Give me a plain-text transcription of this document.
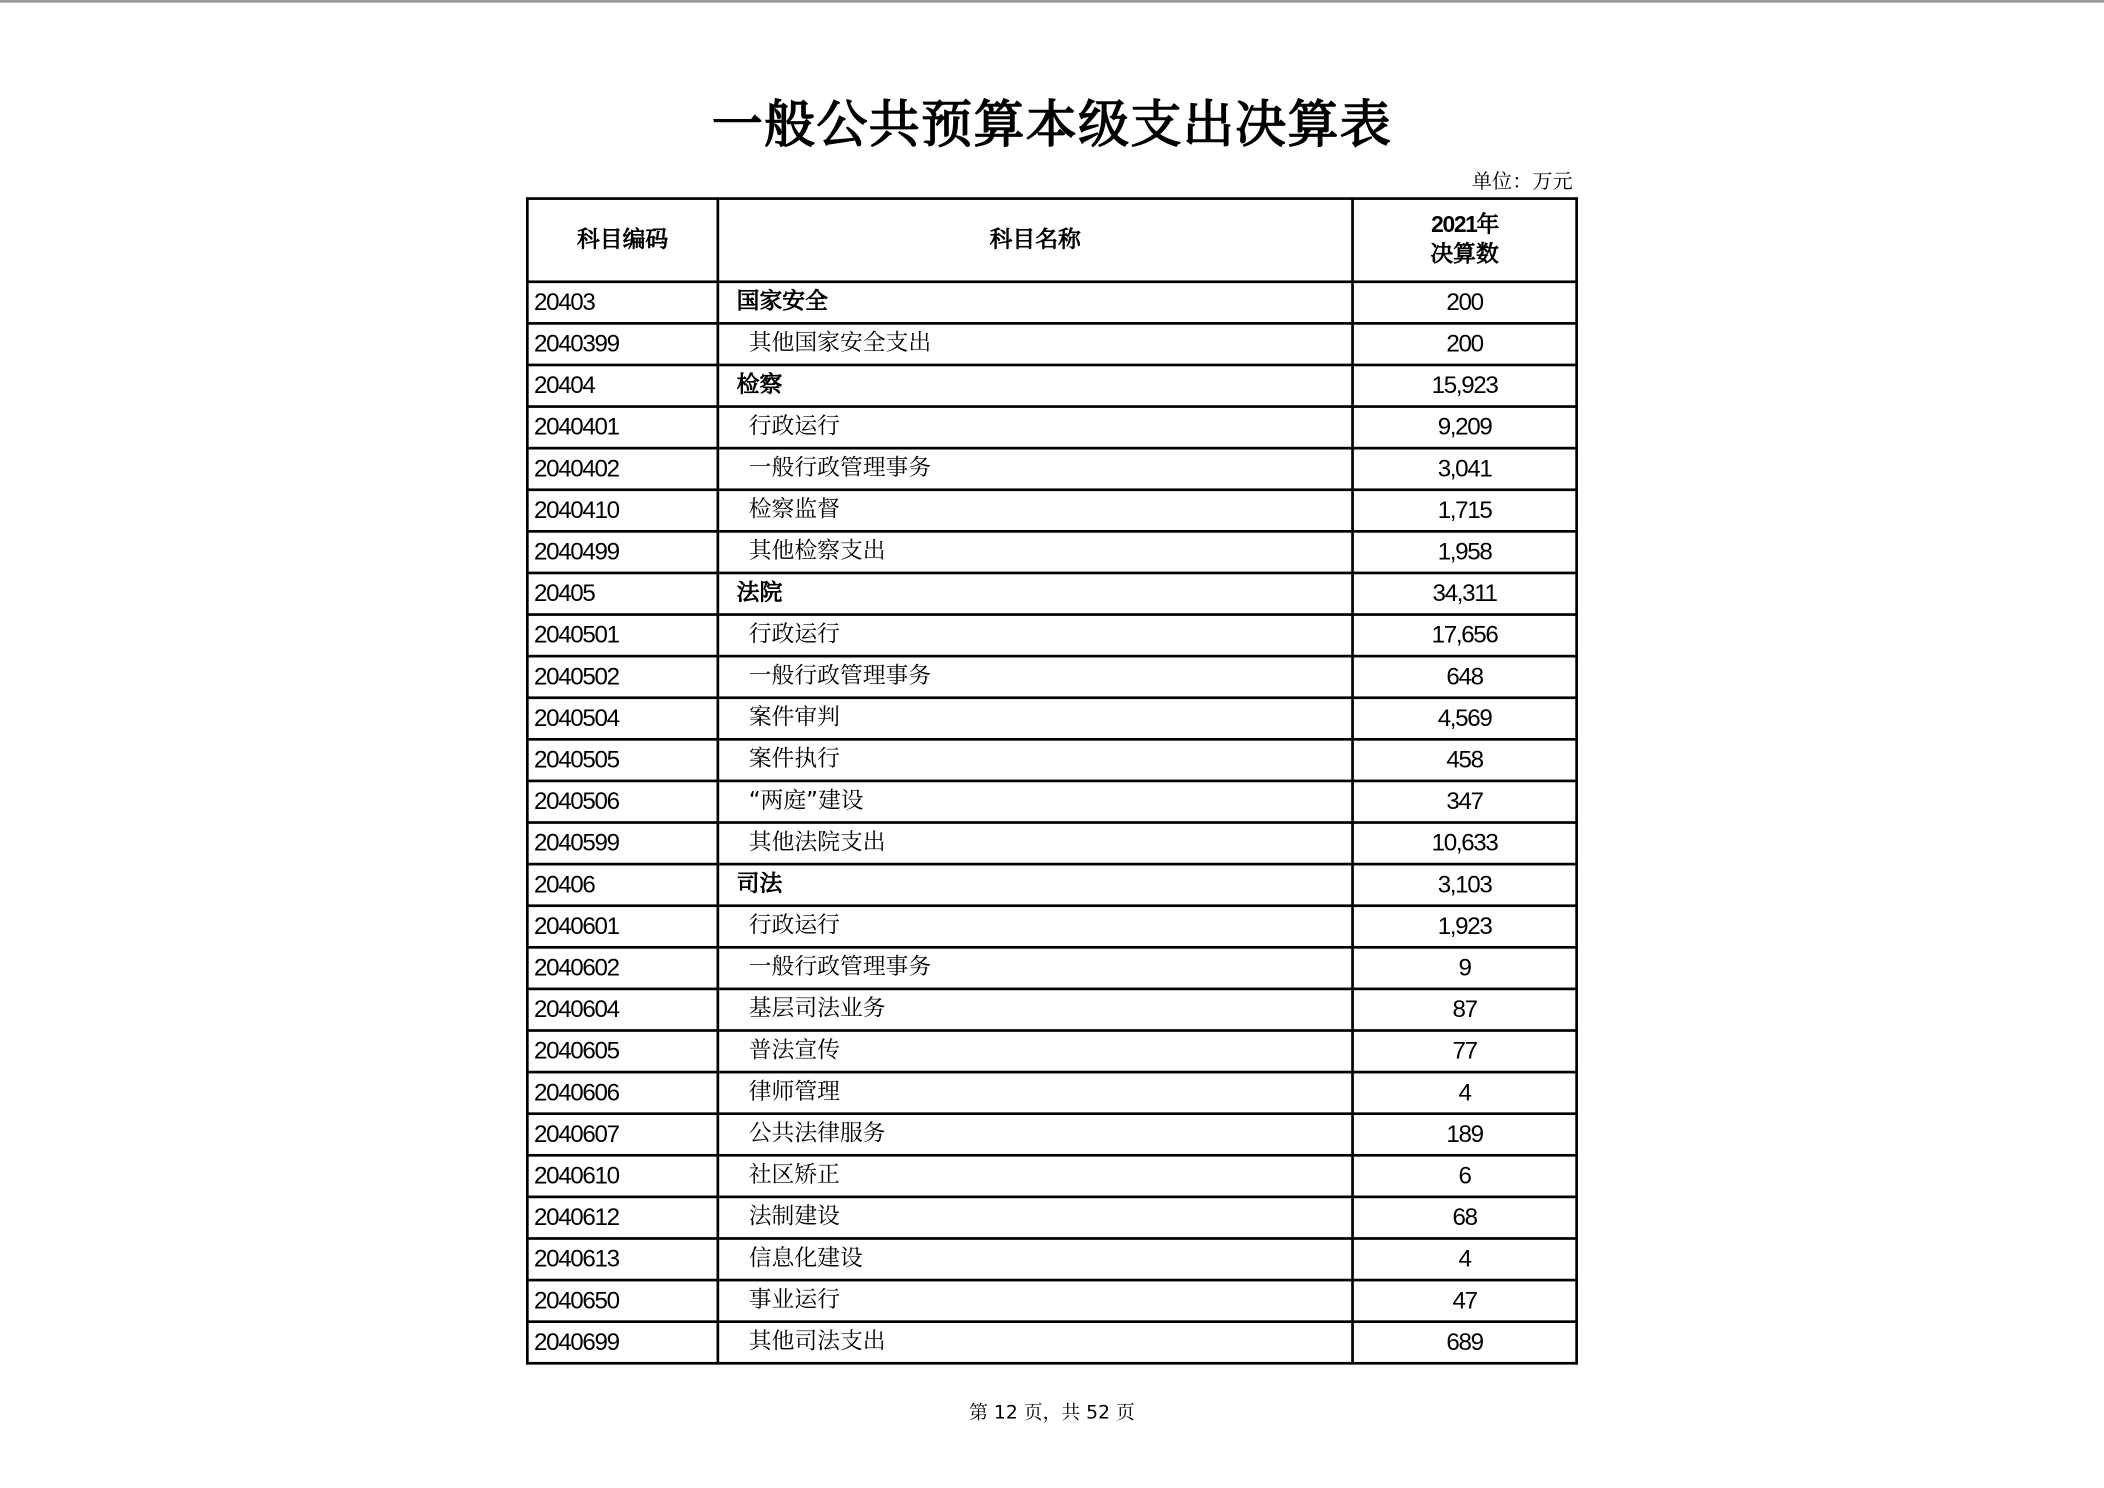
一般公共预算本级支出决算表
单位：万元
科目编码	科目名称	2021年
决算数

20403	国家安全	200
2040399	其他国家安全支出	200
20404	检察	15,923
2040401	行政运行	9,209
2040402	一般行政管理事务	3,041
2040410	检察监督	1,715
2040499	其他检察支出	1,958
20405	法院	34,311
2040501	行政运行	17,656
2040502	一般行政管理事务	648
2040504	案件审判	4,569
2040505	案件执行	458
2040506	“两庭”建设	347
2040599	其他法院支出	10,633
20406	司法	3,103
2040601	行政运行	1,923
2040602	一般行政管理事务	9
2040604	基层司法业务	87
2040605	普法宣传	77
2040606	律师管理	4
2040607	公共法律服务	189
2040610	社区矫正	6
2040612	法制建设	68
2040613	信息化建设	4
2040650	事业运行	47
2040699	其他司法支出	689
第 12 页，共 52 页
